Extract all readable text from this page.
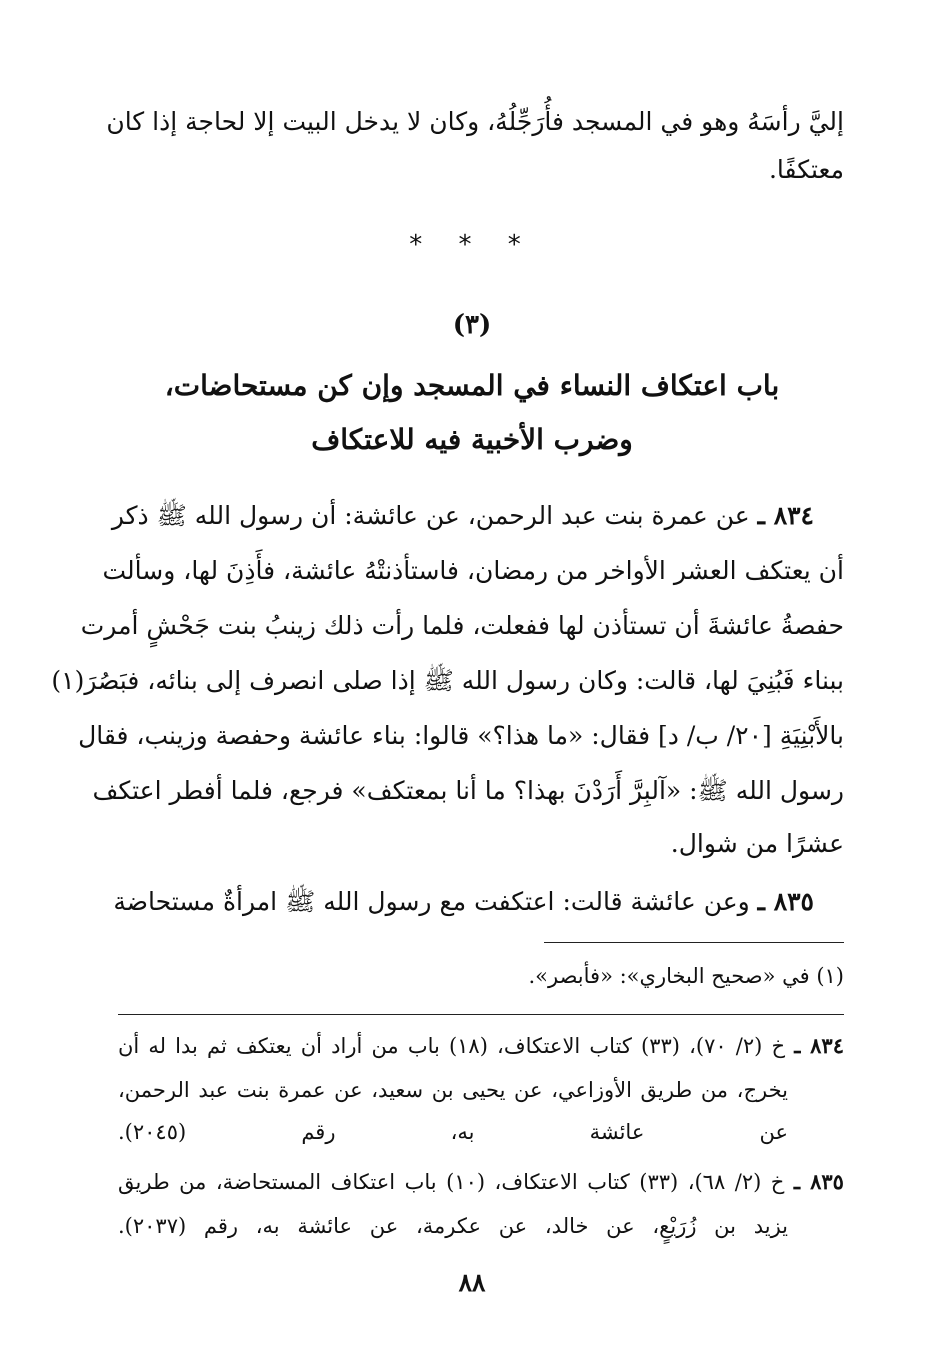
إليَّ رأسَهُ وهو في المسجد فأُرَجِّلُهُ، وكان لا يدخل البيت إلا لحاجة إذا كان
معتكفًا.
* * *
(٣)
باب اعتكاف النساء في المسجد وإن كن مستحاضات،
وضرب الأخبية فيه للاعتكاف
٨٣٤ ـ عن عمرة بنت عبد الرحمن، عن عائشة: أن رسول الله ﷺ ذكر
أن يعتكف العشر الأواخر من رمضان، فاستأذنتْهُ عائشة، فأَذِنَ لها، وسألت
حفصةُ عائشةَ أن تستأذن لها ففعلت، فلما رأت ذلك زينبُ بنت جَحْشٍ أمرت
ببناء فَبُنِيَ لها، قالت: وكان رسول الله ﷺ إذا صلى انصرف إلى بنائه، فبَصُرَ(١)
بالأَبْنِيَةِ [٢٠/ ب/ د] فقال: «ما هذا؟» قالوا: بناء عائشة وحفصة وزينب، فقال
رسول الله ﷺ: «آلبِرَّ أَرَدْنَ بهذا؟ ما أنا بمعتكف» فرجع، فلما أفطر اعتكف
عشرًا من شوال.
٨٣٥ ـ وعن عائشة قالت: اعتكفت مع رسول الله ﷺ امرأةٌ مستحاضة
(١) في «صحيح البخاري»: «فأبصر».
٨٣٤ ـ خ (٢/ ٧٠)، (٣٣) كتاب الاعتكاف، (١٨) باب من أراد أن يعتكف ثم بدا له أن
يخرج، من طريق الأوزاعي، عن يحيى بن سعيد، عن عمرة بنت عبد الرحمن،
عن عائشة به، رقم (٢٠٤٥).
٨٣٥ ـ خ (٢/ ٦٨)، (٣٣) كتاب الاعتكاف، (١٠) باب اعتكاف المستحاضة، من طريق
يزيد بن زُرَيْعٍ، عن خالد، عن عكرمة، عن عائشة به، رقم (٢٠٣٧).
٨٨
